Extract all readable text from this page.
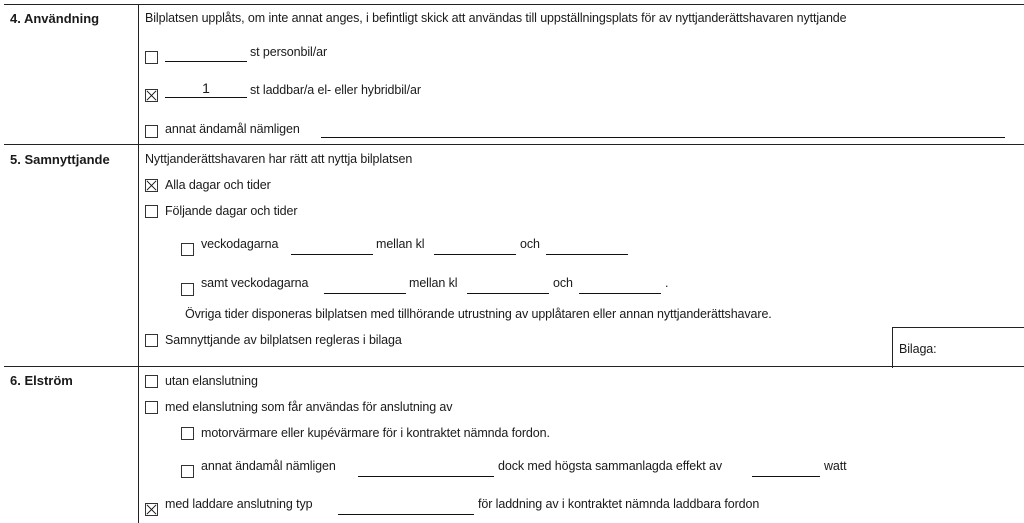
4. Användning	Bilplatsen upplåts, om inte annat anges, i befintligt skick att användas till uppställningsplats för av nyttjanderättshavaren nyttjande
st personbil/ar
1	st laddbar/a el- eller hybridbil/ar
annat ändamål nämligen
5. Samnyttjande	Nyttjanderättshavaren har rätt att nyttja bilplatsen
Alla dagar och tider
Följande dagar och tider
veckodagarna	mellan kl	och
samt veckodagarna	mellan kl	och	.
Övriga tider disponeras bilplatsen med tillhörande utrustning av upplåtaren eller annan nyttjanderättshavare.
Samnyttjande av bilplatsen regleras i bilaga
Bilaga:
6. Elström	utan elanslutning
med elanslutning som får användas för anslutning av
motorvärmare eller kupévärmare för i kontraktet nämnda fordon.
annat ändamål nämligen	dock med högsta sammanlagda effekt av	watt
med laddare anslutning typ	för laddning av i kontraktet nämnda laddbara fordon
